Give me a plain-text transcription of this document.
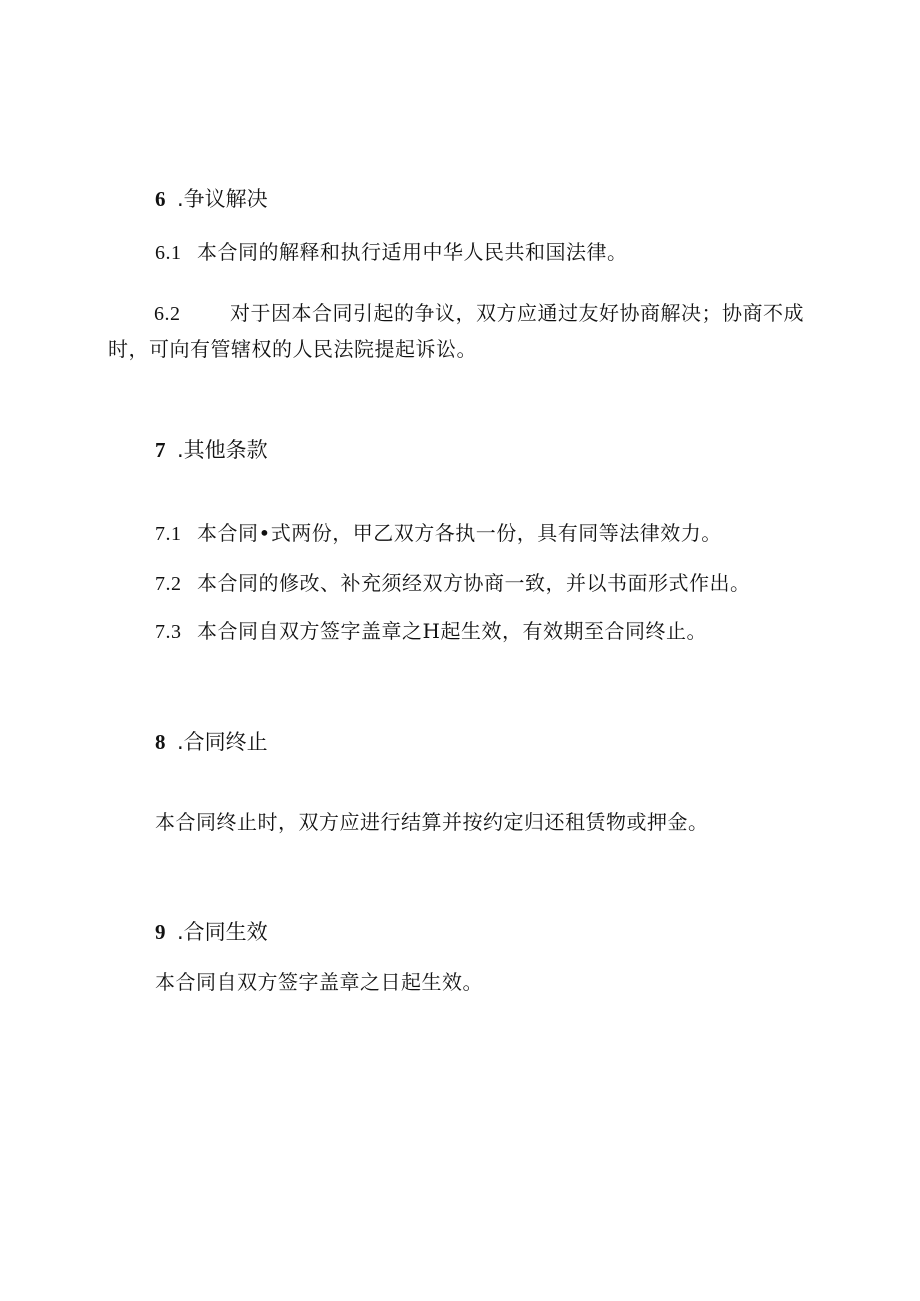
6 .争议解决
6.1 本合同的解释和执行适用中华人民共和国法律。
6.2 对于因本合同引起的争议，双方应通过友好协商解决；协商不成时，可向有管辖权的人民法院提起诉讼。
7 .其他条款
7.1 本合同•式两份，甲乙双方各执一份，具有同等法律效力。
7.2 本合同的修改、补充须经双方协商一致，并以书面形式作出。
7.3 本合同自双方签字盖章之H起生效，有效期至合同终止。
8 .合同终止
本合同终止时，双方应进行结算并按约定归还租赁物或押金。
9 .合同生效
本合同自双方签字盖章之日起生效。
